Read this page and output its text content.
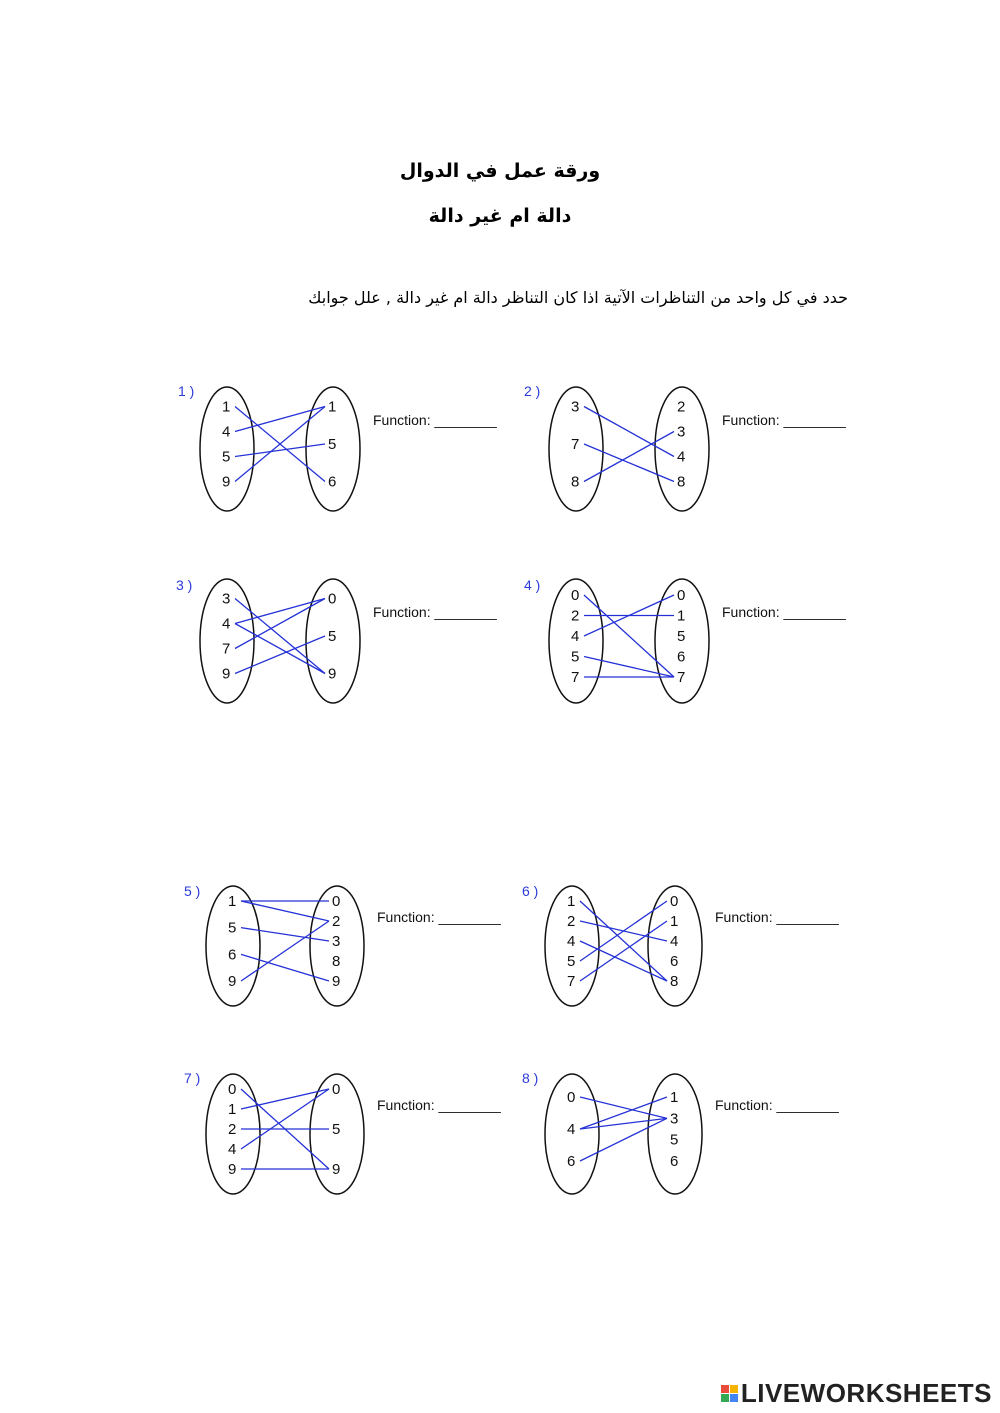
ورقة عمل في الدوال
دالة ام غير دالة
حدد في كل واحد من التناظرات الآتية اذا كان التناظر دالة ام غير دالة , علل جوابك
1 )
1
4
5
9
1
5
6
Function: ________
2 )
3
7
8
2
3
4
8
Function: ________
3 )
3
4
7
9
0
5
9
Function: ________
4 )
0
2
4
5
7
0
1
5
6
7
Function: ________
5 )
1
5
6
9
0
2
3
8
9
Function: ________
6 )
1
2
4
5
7
0
1
4
6
8
Function: ________
7 )
0
1
2
4
9
0
5
9
Function: ________
8 )
0
4
6
1
3
5
6
Function: ________
LIVEWORKSHEETS
